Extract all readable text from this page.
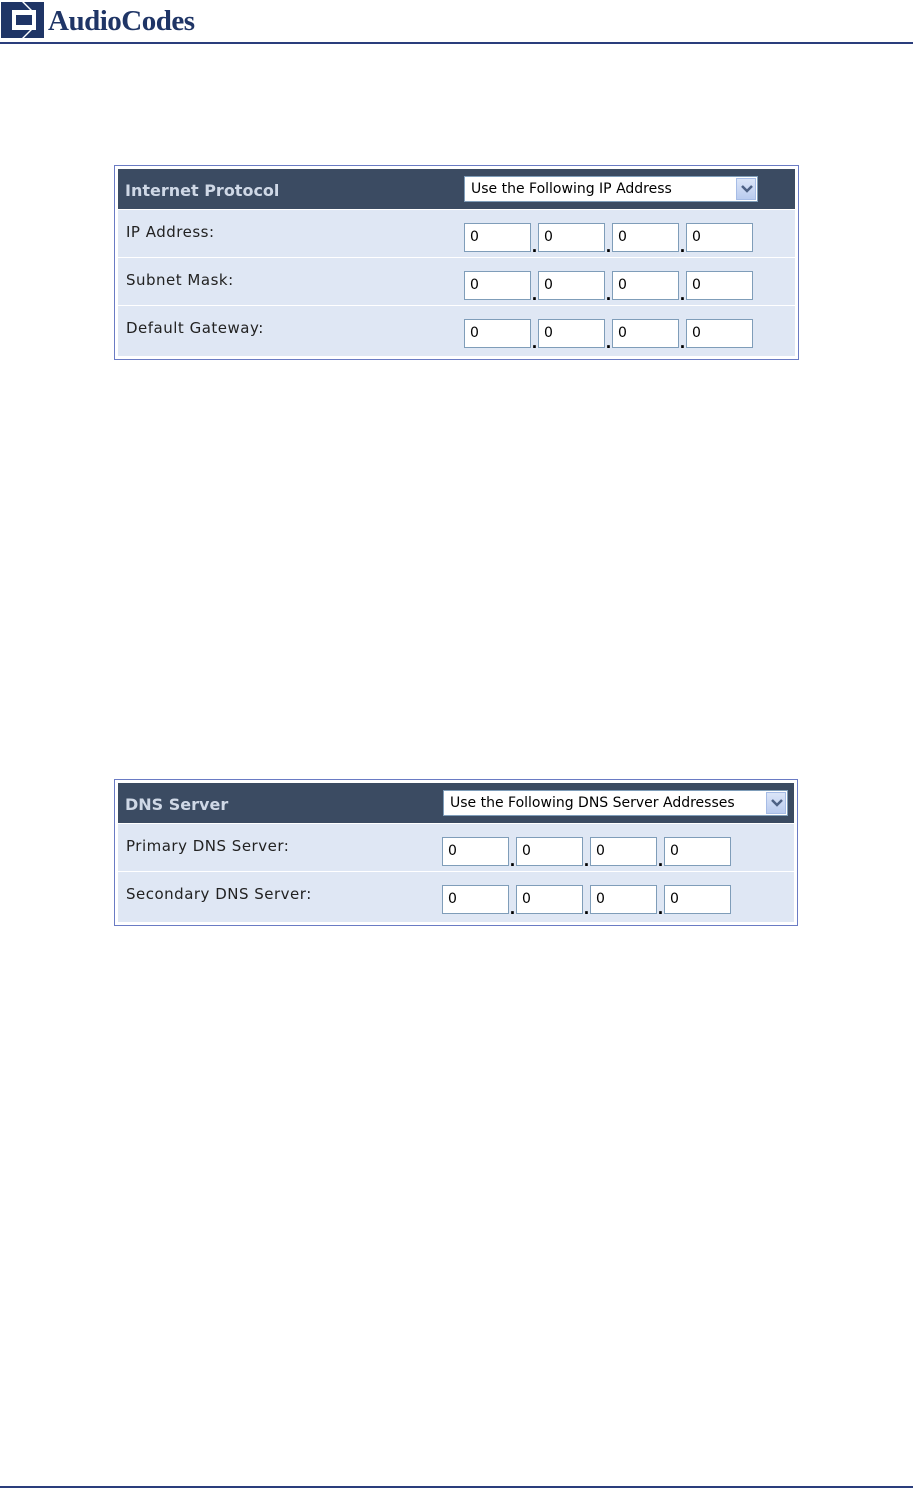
AudioCodes
Internet Protocol	Use the Following IP Address
IP Address:	0
.
0
.
0
.
0
Subnet Mask:	0
.
0
.
0
.
0
Default Gateway:	0
.
0
.
0
.
0
DNS Server	Use the Following DNS Server Addresses
Primary DNS Server:	0
.
0
.
0
.
0
Secondary DNS Server:	0
.
0
.
0
.
0
